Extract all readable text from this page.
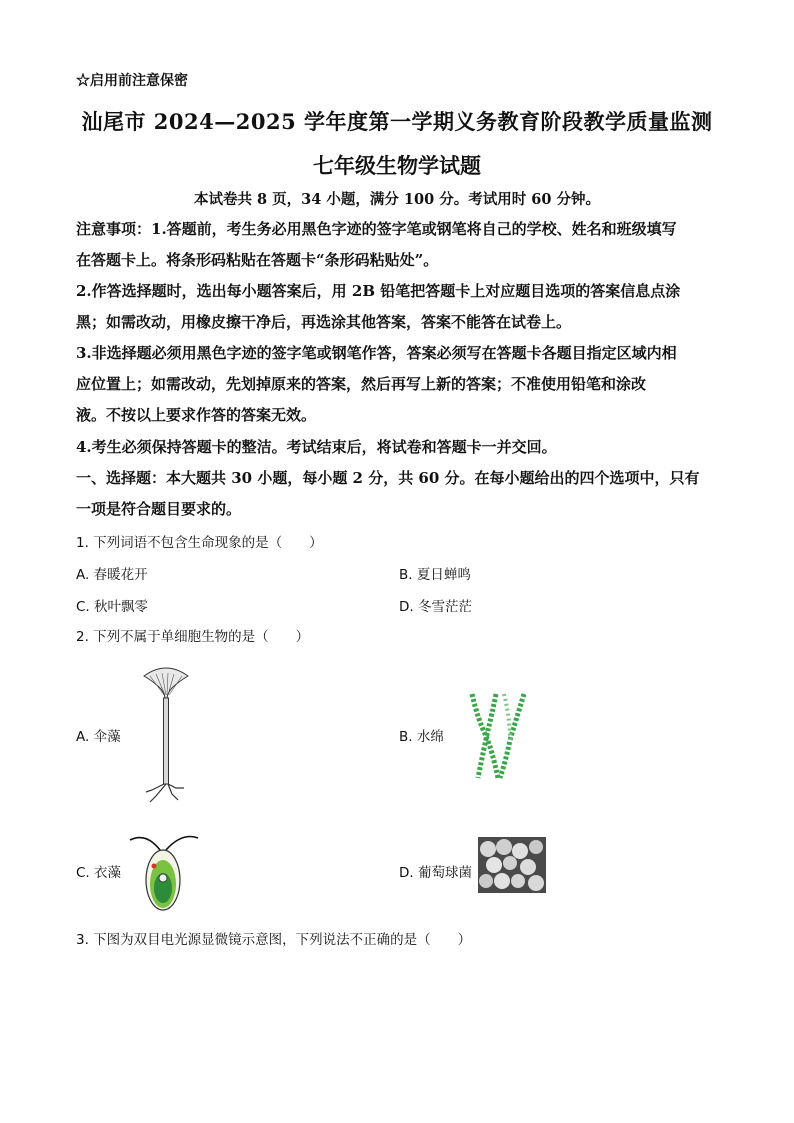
☆启用前注意保密
汕尾市 2024—2025 学年度第一学期义务教育阶段教学质量监测
七年级生物学试题
本试卷共 8 页，34 小题，满分 100 分。考试用时 60 分钟。
注意事项：1.答题前，考生务必用黑色字迹的签字笔或钢笔将自己的学校、姓名和班级填写
在答题卡上。将条形码粘贴在答题卡“条形码粘贴处”。
2.作答选择题时，选出每小题答案后，用 2B 铅笔把答题卡上对应题目选项的答案信息点涂
黑；如需改动，用橡皮擦干净后，再选涂其他答案，答案不能答在试卷上。
3.非选择题必须用黑色字迹的签字笔或钢笔作答，答案必须写在答题卡各题目指定区域内相
应位置上；如需改动，先划掉原来的答案，然后再写上新的答案；不准使用铅笔和涂改
液。不按以上要求作答的答案无效。
4.考生必须保持答题卡的整洁。考试结束后，将试卷和答题卡一并交回。
一、选择题：本大题共 30 小题，每小题 2 分，共 60 分。在每小题给出的四个选项中，只有
一项是符合题目要求的。
1. 下列词语不包含生命现象的是（　　）
A. 春暖花开	B. 夏日蝉鸣
C. 秋叶飘零	D. 冬雪茫茫
2. 下列不属于单细胞生物的是（　　）
A. 伞藻	B. 水绵
C. 衣藻	D. 葡萄球菌
3. 下图为双目电光源显微镜示意图，下列说法不正确的是（　　）
